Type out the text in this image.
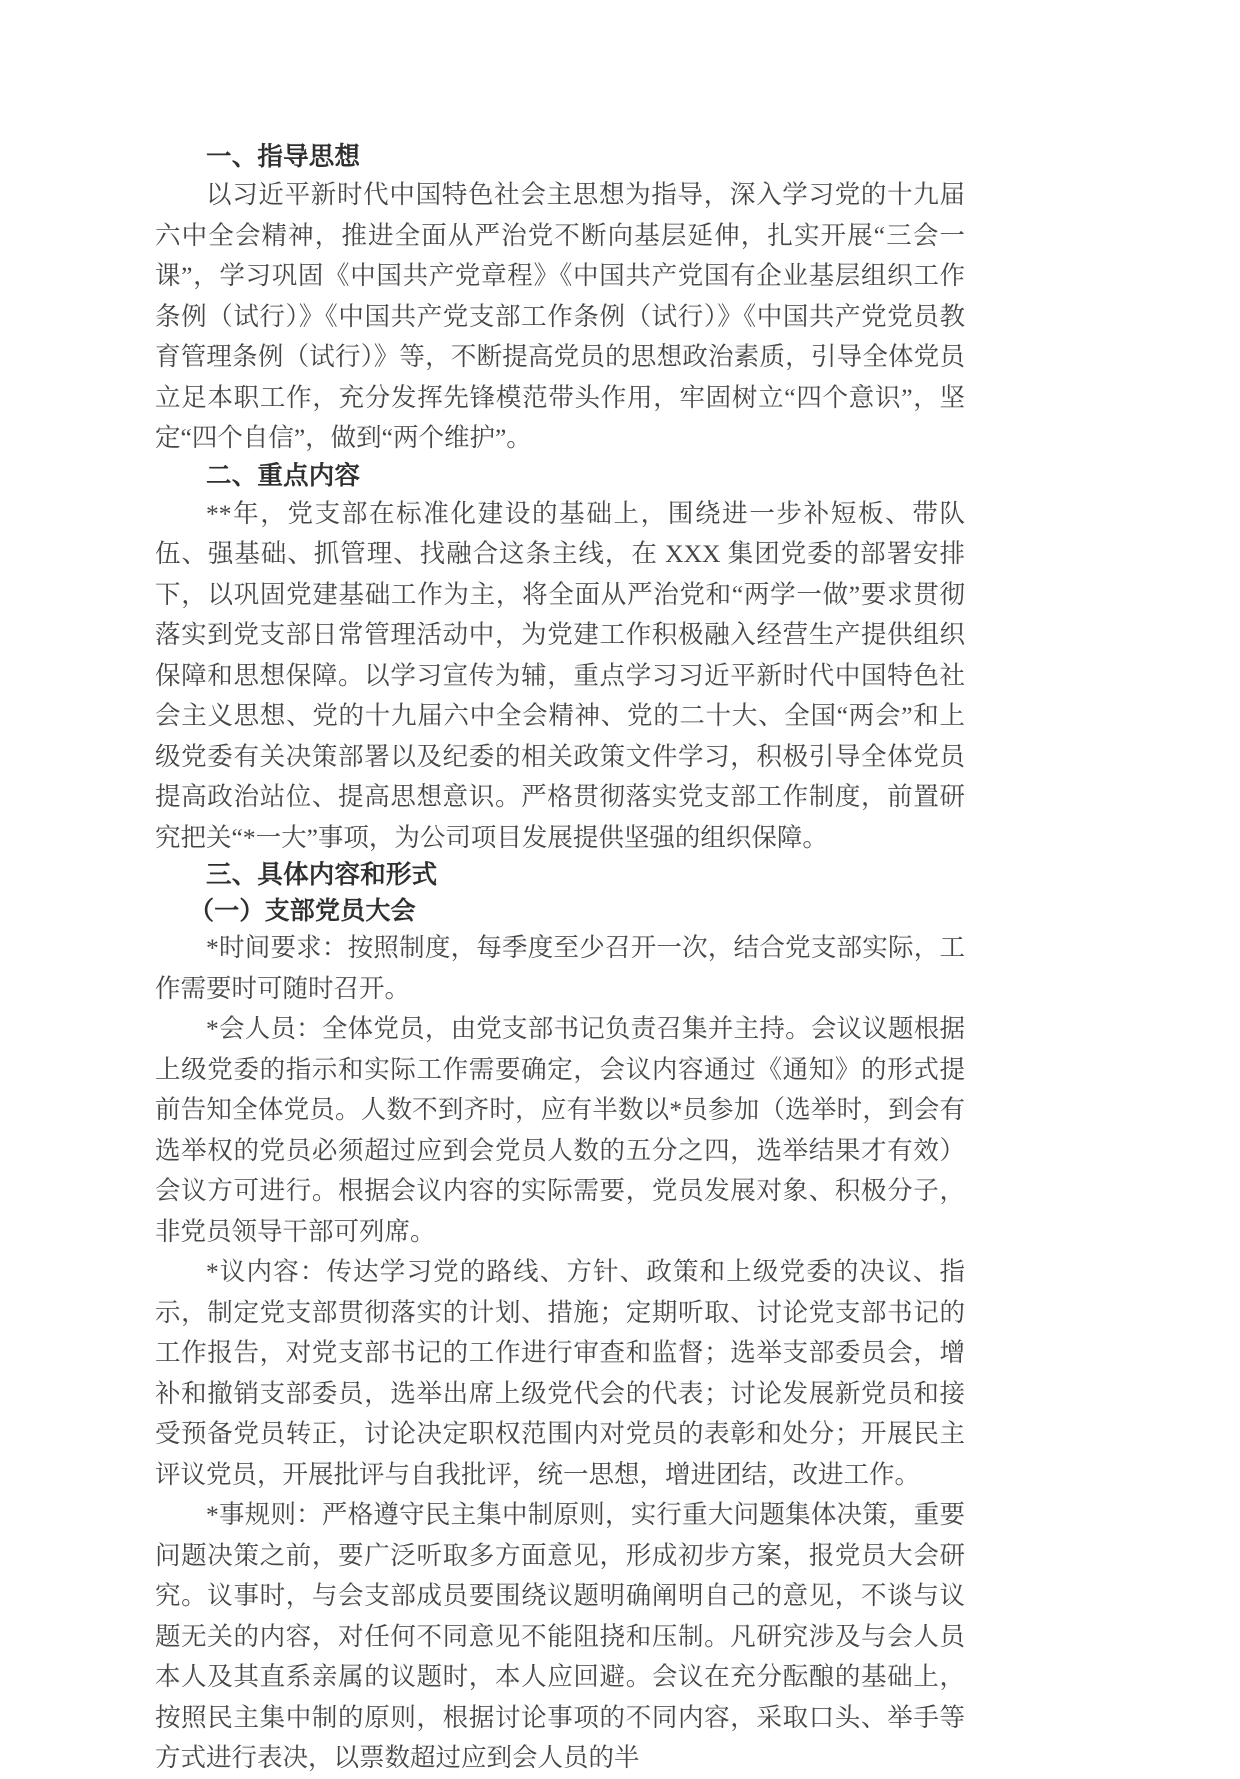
一、指导思想

以习近平新时代中国特色社会主思想为指导，深入学习党的十九届六中全会精神，推进全面从严治党不断向基层延伸，扎实开展“三会一课”，学习巩固《中国共产党章程》《中国共产党国有企业基层组织工作条例（试行）》《中国共产党支部工作条例（试行）》《中国共产党党员教育管理条例（试行）》等，不断提高党员的思想政治素质，引导全体党员立足本职工作，充分发挥先锋模范带头作用，牢固树立“四个意识”，坚定“四个自信”，做到“两个维护”。

二、重点内容

**年，党支部在标准化建设的基础上，围绕进一步补短板、带队伍、强基础、抓管理、找融合这条主线，在 XXX 集团党委的部署安排下，以巩固党建基础工作为主，将全面从严治党和“两学一做”要求贯彻落实到党支部日常管理活动中，为党建工作积极融入经营生产提供组织保障和思想保障。以学习宣传为辅，重点学习习近平新时代中国特色社会主义思想、党的十九届六中全会精神、党的二十大、全国“两会”和上级党委有关决策部署以及纪委的相关政策文件学习，积极引导全体党员提高政治站位、提高思想意识。严格贯彻落实党支部工作制度，前置研究把关“*一大”事项，为公司项目发展提供坚强的组织保障。

三、具体内容和形式
（一）支部党员大会

*时间要求：按照制度，每季度至少召开一次，结合党支部实际，工作需要时可随时召开。

*会人员：全体党员，由党支部书记负责召集并主持。会议议题根据上级党委的指示和实际工作需要确定，会议内容通过《通知》的形式提前告知全体党员。人数不到齐时，应有半数以*员参加（选举时，到会有选举权的党员必须超过应到会党员人数的五分之四，选举结果才有效）会议方可进行。根据会议内容的实际需要，党员发展对象、积极分子，非党员领导干部可列席。

*议内容：传达学习党的路线、方针、政策和上级党委的决议、指示，制定党支部贯彻落实的计划、措施；定期听取、讨论党支部书记的工作报告，对党支部书记的工作进行审查和监督；选举支部委员会，增补和撤销支部委员，选举出席上级党代会的代表；讨论发展新党员和接受预备党员转正，讨论决定职权范围内对党员的表彰和处分；开展民主评议党员，开展批评与自我批评，统一思想，增进团结，改进工作。

*事规则：严格遵守民主集中制原则，实行重大问题集体决策，重要问题决策之前，要广泛听取多方面意见，形成初步方案，报党员大会研究。议事时，与会支部成员要围绕议题明确阐明自己的意见，不谈与议题无关的内容，对任何不同意见不能阻挠和压制。凡研究涉及与会人员本人及其直系亲属的议题时，本人应回避。会议在充分酝酿的基础上，按照民主集中制的原则，根据讨论事项的不同内容，采取口头、举手等方式进行表决，以票数超过应到会人员的半
